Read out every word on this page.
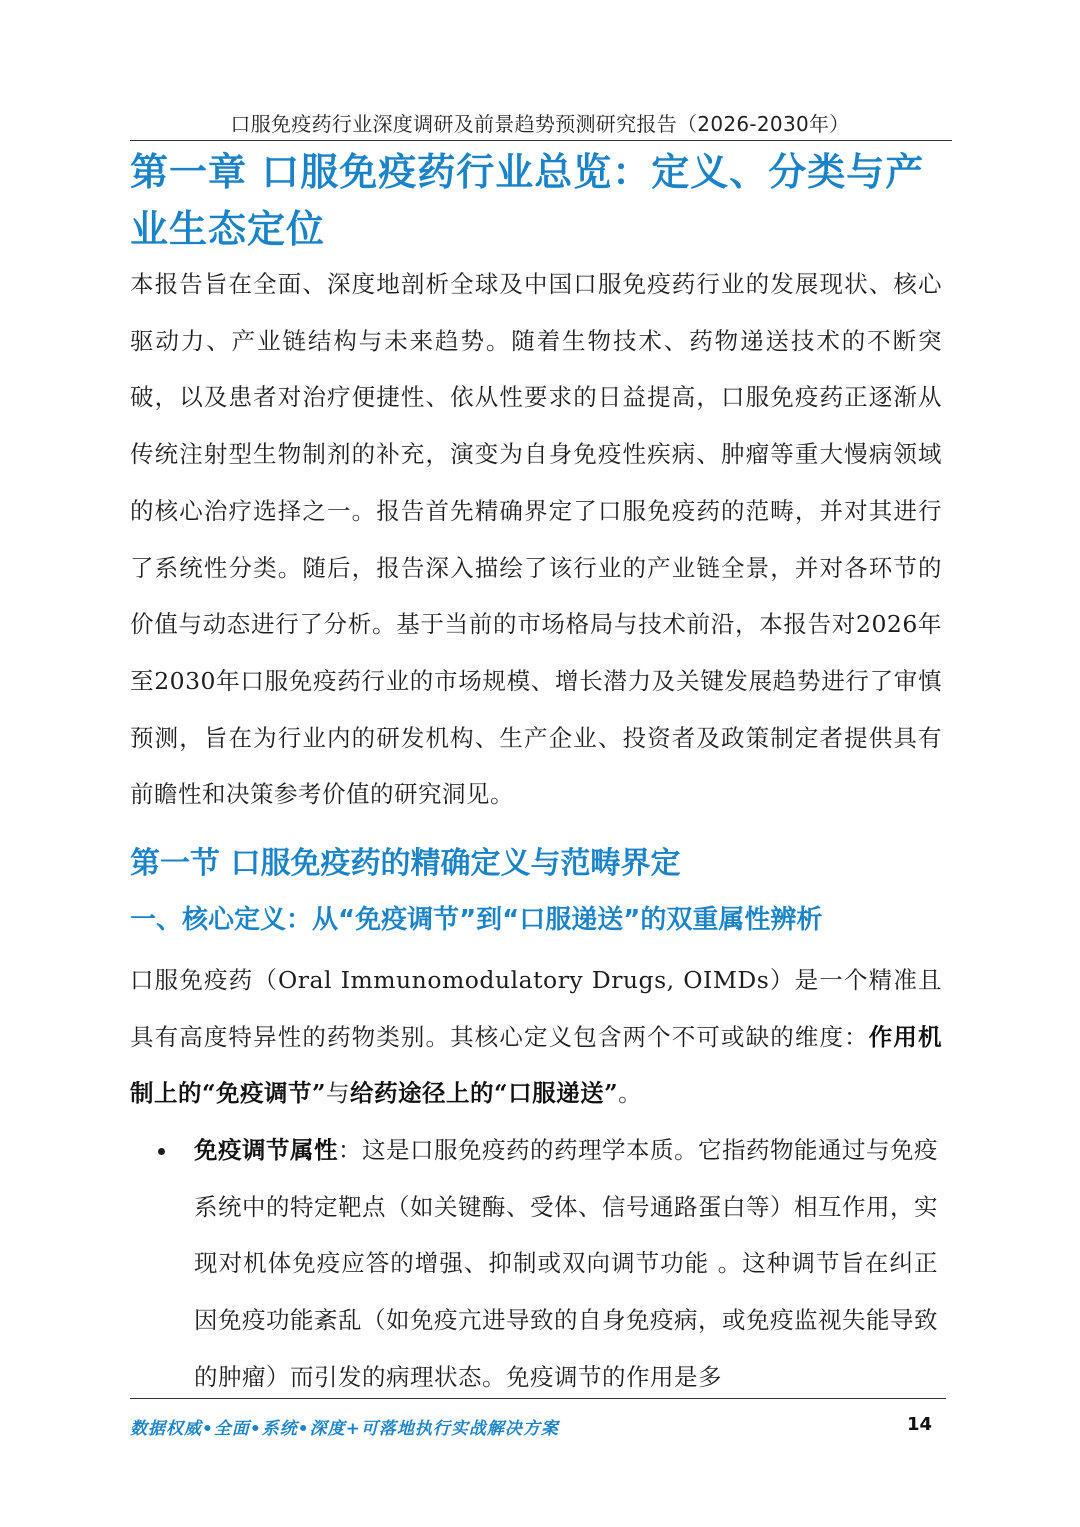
口服免疫药行业深度调研及前景趋势预测研究报告（2026-2030年）
第一章 口服免疫药行业总览：定义、分类与产业生态定位
本报告旨在全面、深度地剖析全球及中国口服免疫药行业的发展现状、核心驱动力、产业链结构与未来趋势。随着生物技术、药物递送技术的不断突破，以及患者对治疗便捷性、依从性要求的日益提高，口服免疫药正逐渐从传统注射型生物制剂的补充，演变为自身免疫性疾病、肿瘤等重大慢病领域的核心治疗选择之一。报告首先精确界定了口服免疫药的范畴，并对其进行了系统性分类。随后，报告深入描绘了该行业的产业链全景，并对各环节的价值与动态进行了分析。基于当前的市场格局与技术前沿，本报告对2026年至2030年口服免疫药行业的市场规模、增长潜力及关键发展趋势进行了审慎预测，旨在为行业内的研发机构、生产企业、投资者及政策制定者提供具有前瞻性和决策参考价值的研究洞见。
第一节 口服免疫药的精确定义与范畴界定
一、核心定义：从“免疫调节”到“口服递送”的双重属性辨析
口服免疫药（Oral Immunomodulatory Drugs, OIMDs）是一个精准且具有高度特异性的药物类别。其核心定义包含两个不可或缺的维度：作用机制上的“免疫调节”与给药途径上的“口服递送”。
免疫调节属性：这是口服免疫药的药理学本质。它指药物能通过与免疫系统中的特定靶点（如关键酶、受体、信号通路蛋白等）相互作用，实现对机体免疫应答的增强、抑制或双向调节功能 。这种调节旨在纠正因免疫功能紊乱（如免疫亢进导致的自身免疫病，或免疫监视失能导致的肿瘤）而引发的病理状态。免疫调节的作用是多
数据权威•全面•系统•深度+可落地执行实战解决方案	14
